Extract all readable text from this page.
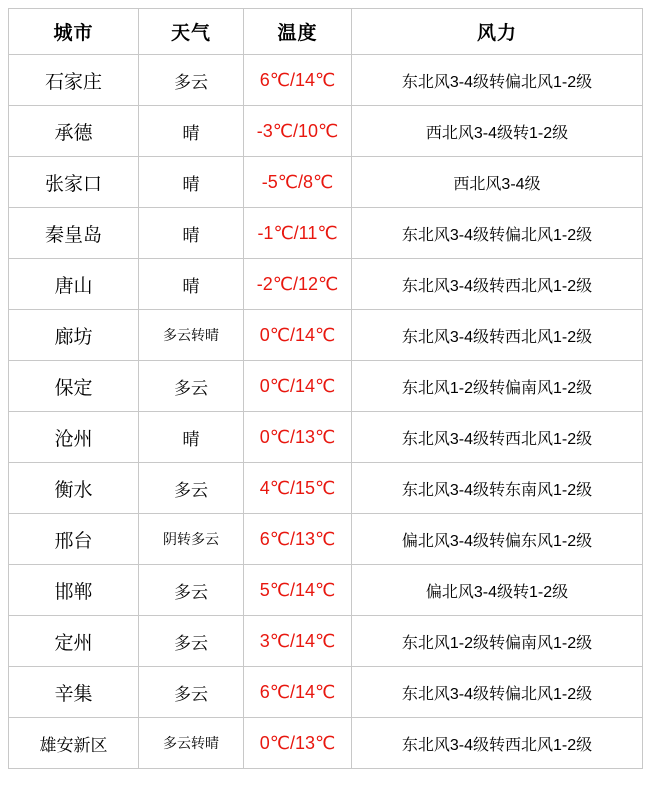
城市	天气	温度	风力
石家庄	多云	6℃/14℃	东北风3-4级转偏北风1-2级
承德	晴	-3℃/10℃	西北风3-4级转1-2级
张家口	晴	-5℃/8℃	西北风3-4级
秦皇岛	晴	-1℃/11℃	东北风3-4级转偏北风1-2级
唐山	晴	-2℃/12℃	东北风3-4级转西北风1-2级
廊坊	多云转晴	0℃/14℃	东北风3-4级转西北风1-2级
保定	多云	0℃/14℃	东北风1-2级转偏南风1-2级
沧州	晴	0℃/13℃	东北风3-4级转西北风1-2级
衡水	多云	4℃/15℃	东北风3-4级转东南风1-2级
邢台	阴转多云	6℃/13℃	偏北风3-4级转偏东风1-2级
邯郸	多云	5℃/14℃	偏北风3-4级转1-2级
定州	多云	3℃/14℃	东北风1-2级转偏南风1-2级
辛集	多云	6℃/14℃	东北风3-4级转偏北风1-2级
雄安新区	多云转晴	0℃/13℃	东北风3-4级转西北风1-2级
